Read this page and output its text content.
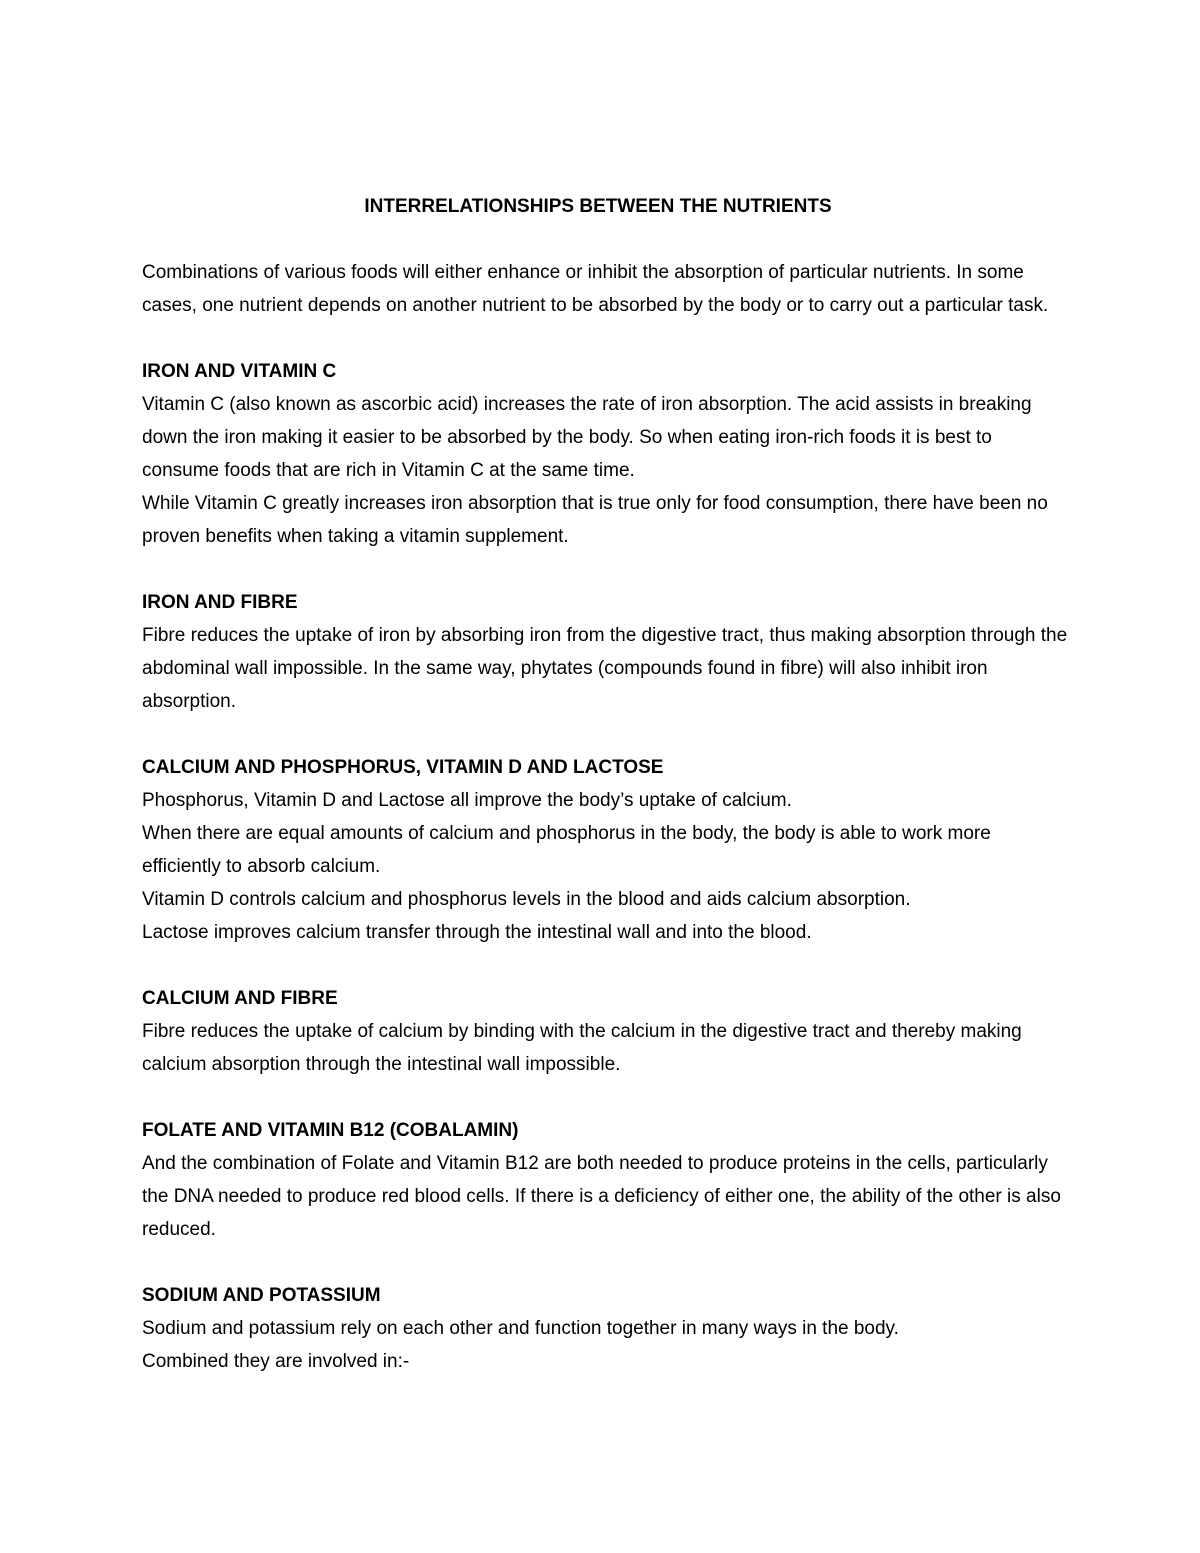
INTERRELATIONSHIPS BETWEEN THE NUTRIENTS

Combinations of various foods will either enhance or inhibit the absorption of particular nutrients. In some cases, one nutrient depends on another nutrient to be absorbed by the body or to carry out a particular task.

IRON AND VITAMIN C

Vitamin C (also known as ascorbic acid) increases the rate of iron absorption. The acid assists in breaking down the iron making it easier to be absorbed by the body. So when eating iron-rich foods it is best to consume foods that are rich in Vitamin C at the same time.

While Vitamin C greatly increases iron absorption that is true only for food consumption, there have been no proven benefits when taking a vitamin supplement.

IRON AND FIBRE

Fibre reduces the uptake of iron by absorbing iron from the digestive tract, thus making absorption through the abdominal wall impossible. In the same way, phytates (compounds found in fibre) will also inhibit iron absorption.

CALCIUM AND PHOSPHORUS, VITAMIN D AND LACTOSE

Phosphorus, Vitamin D and Lactose all improve the body’s uptake of calcium.

When there are equal amounts of calcium and phosphorus in the body, the body is able to work more efficiently to absorb calcium.

Vitamin D controls calcium and phosphorus levels in the blood and aids calcium absorption.

Lactose improves calcium transfer through the intestinal wall and into the blood.

CALCIUM AND FIBRE

Fibre reduces the uptake of calcium by binding with the calcium in the digestive tract and thereby making calcium absorption through the intestinal wall impossible.

FOLATE AND VITAMIN B12 (COBALAMIN)

And the combination of Folate and Vitamin B12 are both needed to produce proteins in the cells, particularly the DNA needed to produce red blood cells. If there is a deficiency of either one, the ability of the other is also reduced.

SODIUM AND POTASSIUM

Sodium and potassium rely on each other and function together in many ways in the body.

Combined they are involved in:-
